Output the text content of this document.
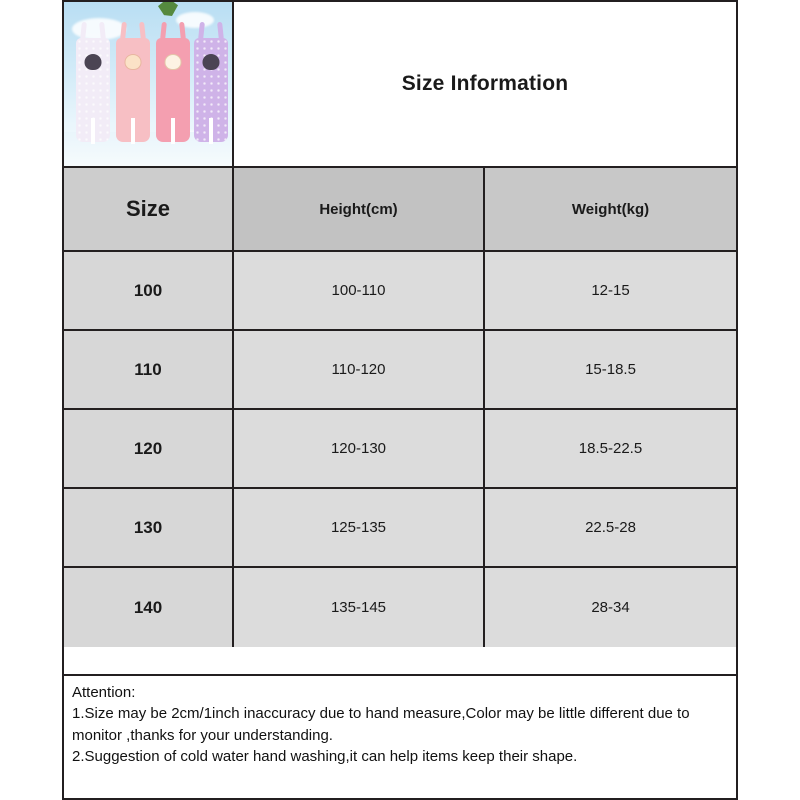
Size Information
Size	Height(cm)	Weight(kg)
100	100-110	12-15
110	110-120	15-18.5
120	120-130	18.5-22.5
130	125-135	22.5-28
140	135-145	28-34

Attention:

1.Size may be 2cm/1inch inaccuracy due to hand measure,Color may be little different due to monitor ,thanks for your understanding.

2.Suggestion of cold water hand washing,it can help items keep their shape.
